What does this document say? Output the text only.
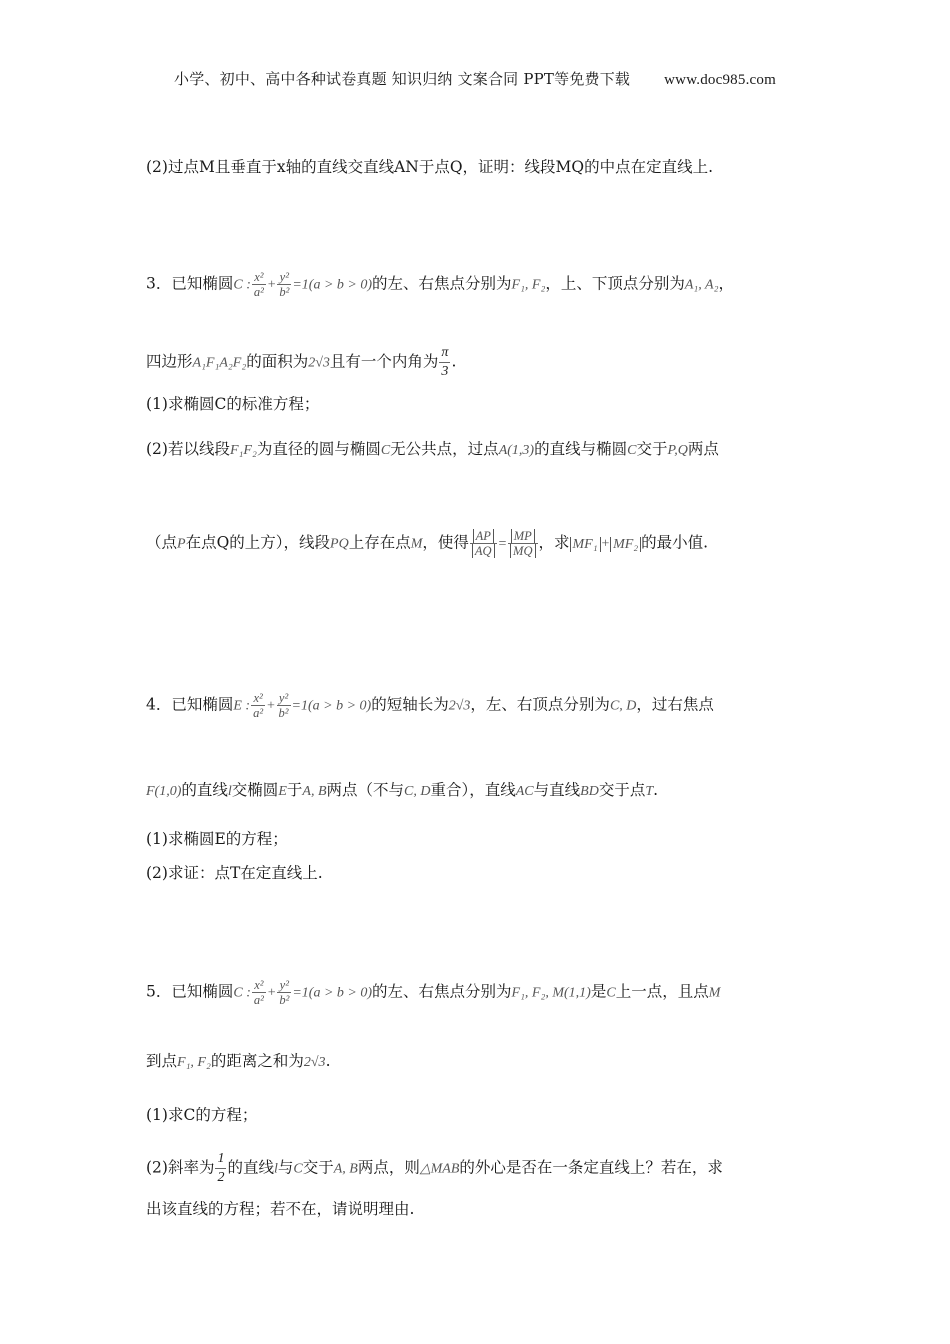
小学、初中、高中各种试卷真题 知识归纳 文案合同 PPT等免费下载 www.doc985.com
(2)过点M且垂直于x轴的直线交直线AN于点Q，证明：线段MQ的中点在定直线上.
3．已知椭圆C : $\frac{\text{x²}}{\text{a²}} + \frac{\text{y²}}{\text{b²}} =1(a > b > 0)$的左、右焦点分别为F₁, F₂，上、下顶点分别为A₁, A₂，
四边形A₁F₁A₂F₂的面积为2√3且有一个内角为 $\frac{\pi}{3}$ .
(1)求椭圆C的标准方程；
(2)若以线段F₁F₂为直径的圆与椭圆C无公共点，过点A(1,3)的直线与椭圆C交于P,Q两点
（点P在点Q的上方），线段PQ上存在点M，使得 $\frac{AP}{AQ} = \frac{MP}{MQ}$ ，求 MF₁ + MF₂ 的最小值.
4．已知椭圆E : $\frac{\text{x²}}{\text{a²}} + \frac{\text{y²}}{\text{b²}} =1(a > b > 0)$的短轴长为2√3，左、右顶点分别为C, D，过右焦点
F(1,0)的直线l交椭圆E于A, B两点（不与C, D重合），直线AC与直线BD交于点T.
(1)求椭圆E的方程；
(2)求证：点T在定直线上.
5．已知椭圆C : $\frac{\text{x²}}{\text{a²}} + \frac{\text{y²}}{\text{b²}} =1(a > b > 0)$的左、右焦点分别为F₁, F₂, M(1,1)是C上一点，且点M
到点F₁, F₂的距离之和为2√3.
(1)求C的方程；
(2)斜率为 $\frac{1}{2}$ 的直线l与C交于A, B两点，则△MAB的外心是否在一条定直线上？若在，求
出该直线的方程；若不在，请说明理由.
